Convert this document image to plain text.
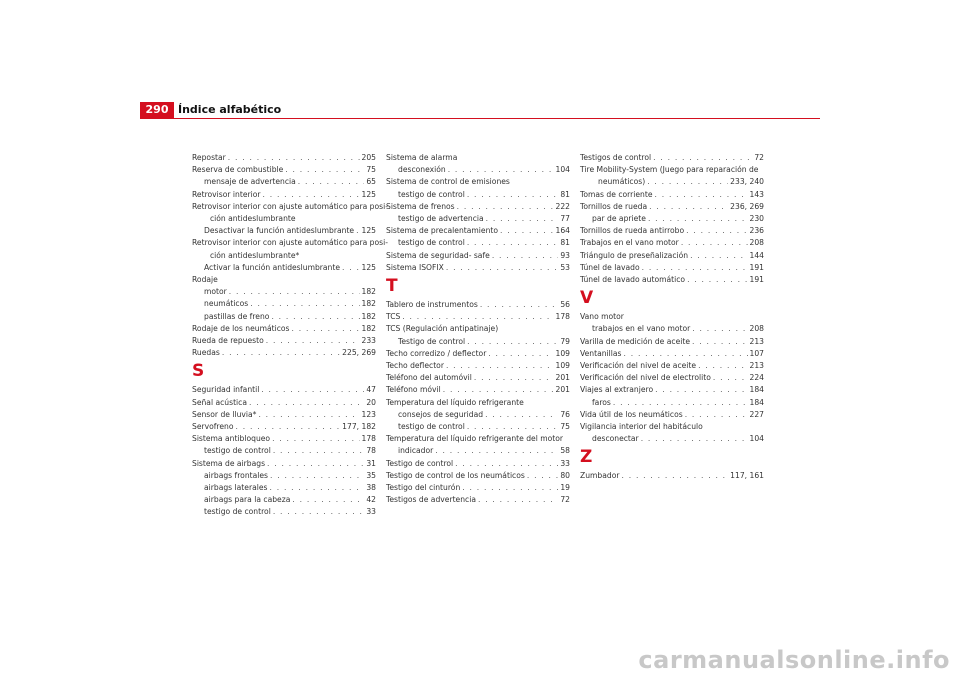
290 Índice alfabético
Repostar . . .	205
Reserva de combustible . . .	75
mensaje de advertencia . . .	65
Retrovisor interior . . .	125
Retrovisor interior con ajuste automático para posi-
ción antideslumbrante
Desactivar la función antideslumbrante . . . 125
Retrovisor interior con ajuste automático para posi-
ción antideslumbrante*
Activar la función antideslumbrante . . .	125
Rodaje
motor . . .	182
neumáticos . . .	182
pastillas de freno . . .	182
Rodaje de los neumáticos . . .	182
Rueda de repuesto . . .	233
Ruedas . . .	225, 269
S
Seguridad infantil . . .	47
Señal acústica . . .	20
Sensor de lluvia* . . .	123
Servofreno . . .	177, 182
Sistema antibloqueo . . .	178
testigo de control . . .	78
Sistema de airbags . . .	31
airbags frontales . . .	35
airbags laterales . . .	38
airbags para la cabeza . . .	42
testigo de control . . .	33
Sistema de alarma
desconexión . . .	104
Sistema de control de emisiones
testigo de control . . .	81
Sistema de frenos . . .	222
testigo de advertencia . . .	77
Sistema de precalentamiento . . .	164
testigo de control . . .	81
Sistema de seguridad- safe . . .	93
Sistema ISOFIX . . .	53
T
Tablero de instrumentos . . .	56
TCS . . .	178
TCS (Regulación antipatinaje)
Testigo de control . . .	79
Techo corredizo / deflector . . .	109
Techo deflector . . .	109
Teléfono del automóvil . . .	201
Teléfono móvil . . .	201
Temperatura del líquido refrigerante
consejos de seguridad . . .	76
testigo de control . . .	75
Temperatura del líquido refrigerante del motor
indicador . . .	58
Testigo de control . . .	33
Testigo de control de los neumáticos . . .	80
Testigo del cinturón . . .	19
Testigos de advertencia . . .	72
Testigos de control . . .	72
Tire Mobility-System (Juego para reparación de
neumáticos) . . .	233, 240
Tomas de corriente . . .	143
Tornillos de rueda . . .	236, 269
par de apriete . . .	230
Tornillos de rueda antirrobo . . .	236
Trabajos en el vano motor . . .	208
Triángulo de preseñalización . . .	144
Túnel de lavado . . .	191
Túnel de lavado automático . . .	191
V
Vano motor
trabajos en el vano motor . . .	208
Varilla de medición de aceite . . .	213
Ventanillas . . .	107
Verificación del nivel de aceite . . .	213
Verificación del nivel de electrolito . . .	224
Viajes al extranjero . . .	184
faros . . .	184
Vida útil de los neumáticos . . .	227
Vigilancia interior del habitáculo
desconectar . . .	104
Z
Zumbador . . .	117, 161
carmanualsonline.info
